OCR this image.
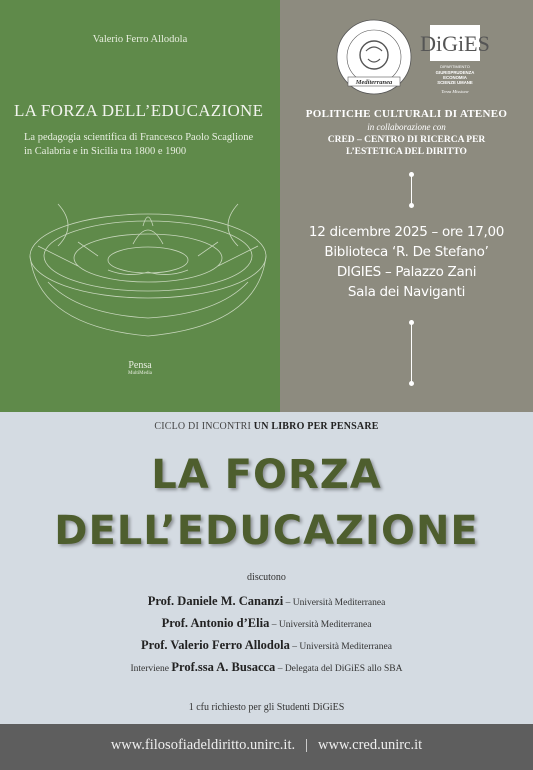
Valerio Ferro Allodola
LA FORZA DELL’EDUCAZIONE
La pedagogia scientifica di Francesco Paolo Scaglione
in Calabria e in Sicilia tra 1800 e 1900
Pensa
MultiMedia
Mediterranea
DiGiES
DIPARTIMENTO
GIURISPRUDENZA
ECONOMIA
SCIENZE UMANE
Terza Missione
POLITICHE CULTURALI DI ATENEO
in collaborazione con
CRED – CENTRO DI RICERCA PER
L’ESTETICA DEL DIRITTO
12 dicembre 2025 – ore 17,00
Biblioteca ‘R. De Stefano’
DIGIES – Palazzo Zani
Sala dei Naviganti
CICLO DI INCONTRI UN LIBRO PER PENSARE
LA FORZA
DELL’EDUCAZIONE
discutono
Prof. Daniele M. Cananzi – Università Mediterranea
Prof. Antonio d’Elia – Università Mediterranea
Prof. Valerio Ferro Allodola – Università Mediterranea
Interviene Prof.ssa A. Busacca – Delegata del DiGiES allo SBA
1 cfu richiesto per gli Studenti DiGiES
www.filosofiadeldiritto.unirc.it. | www.cred.unirc.it
